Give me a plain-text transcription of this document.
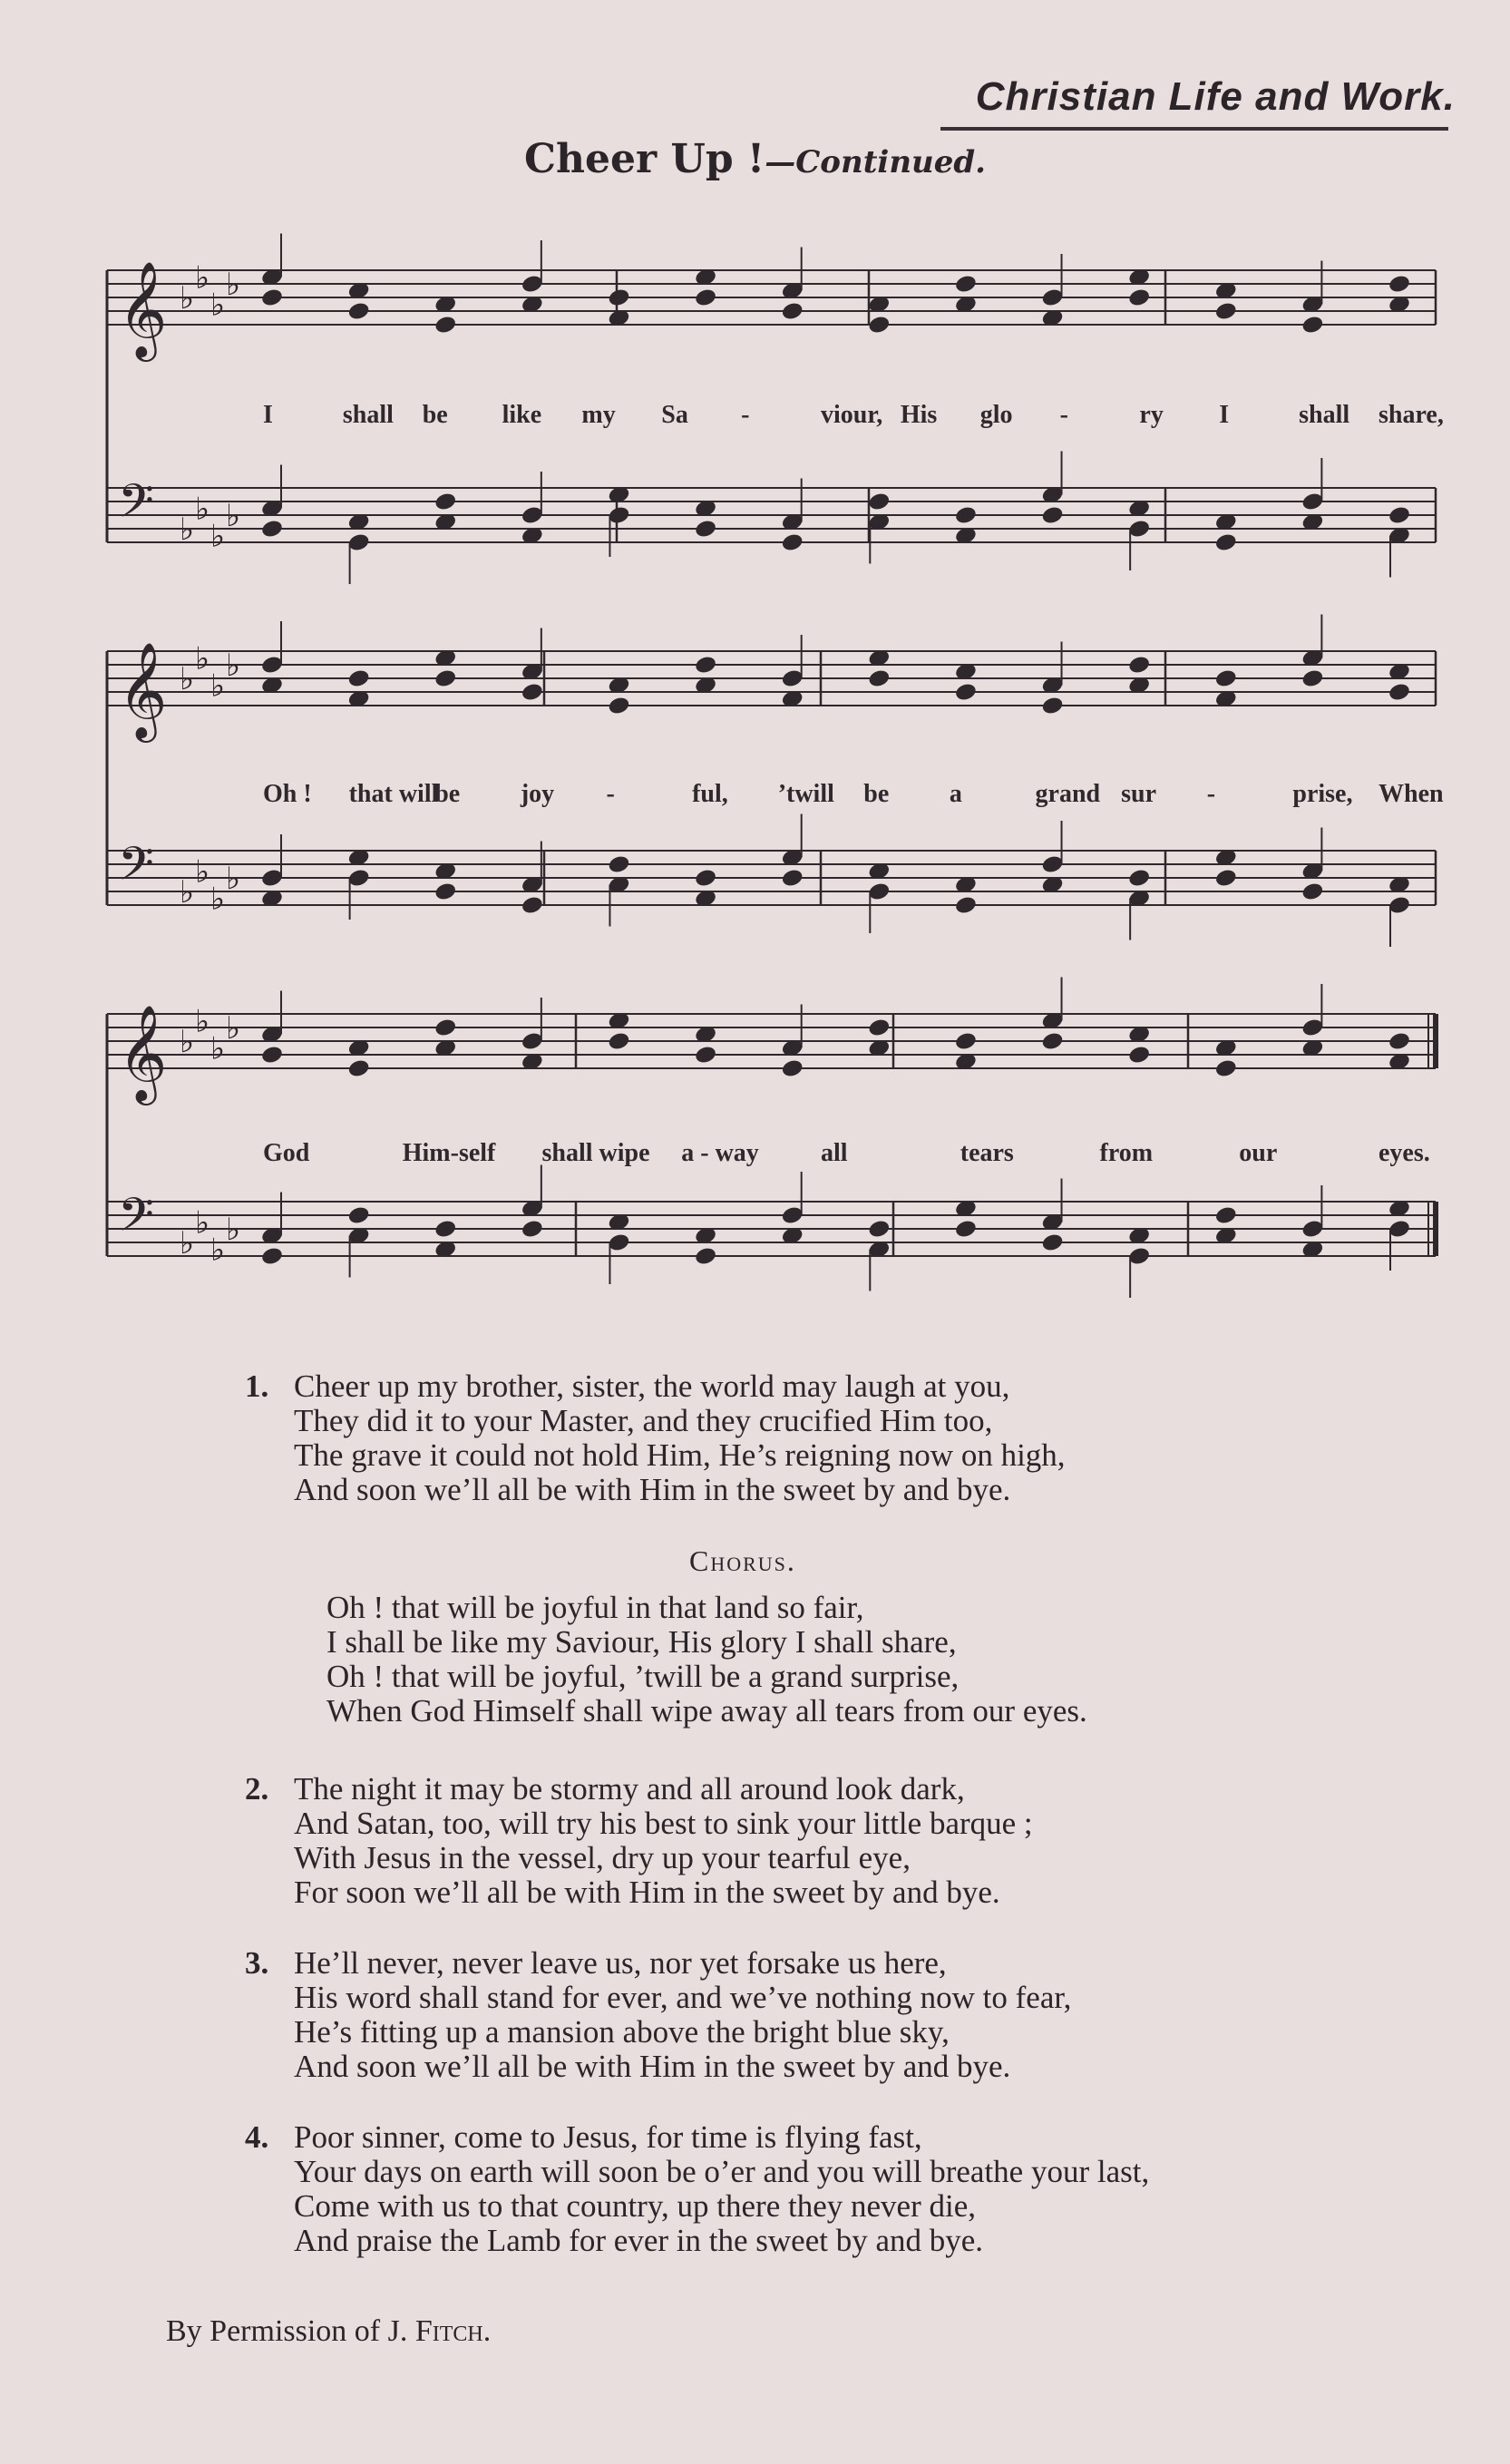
Christian Life and Work.
Cheer Up !—Continued.
𝄞 ♭
♭
♭
♭
𝄢 ♭
♭
♭
♭
𝄞 ♭
♭
♭
♭
𝄢 ♭
♭
♭
♭
𝄞 ♭
♭
♭
♭
𝄢 ♭
♭
♭
♭
I	shall be like my Sa -	viour, His glo -	ry I	shall share,
Oh ! that will
be joy -	ful, ’twill be a	grand sur -	prise, When
God	Him-self shall wipe a - way all	tears	from	our	eyes.
1. Cheer up my brother, sister, the world may laugh at you,
They did it to your Master, and they crucified Him too,
The grave it could not hold Him, He’s reigning now on high,
And soon we’ll all be with Him in the sweet by and bye.
Chorus.
Oh ! that will be joyful in that land so fair,
I shall be like my Saviour, His glory I shall share,
Oh ! that will be joyful, ’twill be a grand surprise,
When God Himself shall wipe away all tears from our eyes.
2. The night it may be stormy and all around look dark,
And Satan, too, will try his best to sink your little barque ;
With Jesus in the vessel, dry up your tearful eye,
For soon we’ll all be with Him in the sweet by and bye.
3. He’ll never, never leave us, nor yet forsake us here,
His word shall stand for ever, and we’ve nothing now to fear,
He’s fitting up a mansion above the bright blue sky,
And soon we’ll all be with Him in the sweet by and bye.
4. Poor sinner, come to Jesus, for time is flying fast,
Your days on earth will soon be o’er and you will breathe your last,
Come with us to that country, up there they never die,
And praise the Lamb for ever in the sweet by and bye.
By Permission of J. Fitch.
